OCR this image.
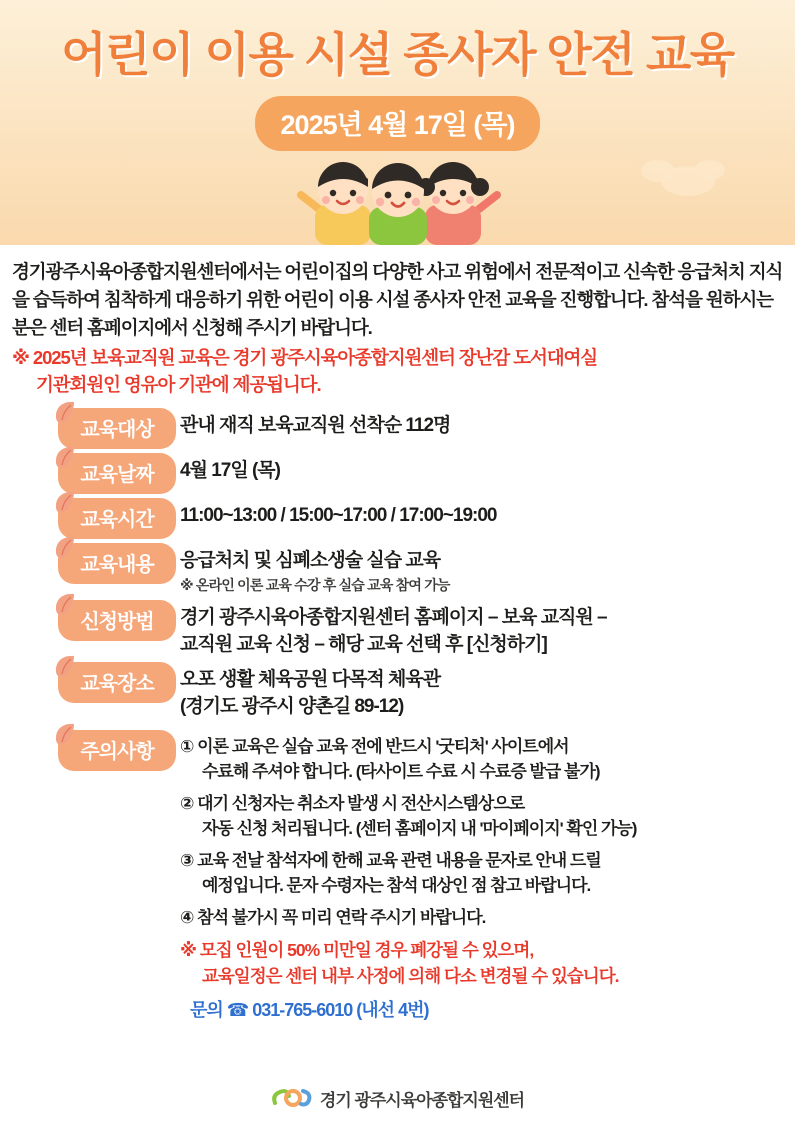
어린이 이용 시설 종사자 안전 교육
2025년 4월 17일 (목)
경기광주시육아종합지원센터에서는 어린이집의 다양한 사고 위험에서 전문적이고 신속한 응급처치 지식을 습득하여 침착하게 대응하기 위한 어린이 이용 시설 종사자 안전 교육을 진행합니다. 참석을 원하시는 분은 센터 홈페이지에서 신청해 주시기 바랍니다.
※ 2025년 보육교직원 교육은 경기 광주시육아종합지원센터 장난감 도서대여실
기관회원인 영유아 기관에 제공됩니다.
교육대상	관내 재직 보육교직원 선착순 112명
교육날짜	4월 17일 (목)
교육시간	11:00~13:00 / 15:00~17:00 / 17:00~19:00
교육내용	응급처치 및 심폐소생술 실습 교육
※ 온라인 이론 교육 수강 후 실습 교육 참여 가능
신청방법	경기 광주시육아종합지원센터 홈페이지 – 보육 교직원 –
교직원 교육 신청 – 해당 교육 선택 후 [신청하기]
교육장소	오포 생활 체육공원 다목적 체육관
(경기도 광주시 양촌길 89-12)
주의사항	① 이론 교육은 실습 교육 전에 반드시 '굿티처' 사이트에서
수료해 주셔야 합니다. (타사이트 수료 시 수료증 발급 불가)
② 대기 신청자는 취소자 발생 시 전산시스템상으로
자동 신청 처리됩니다. (센터 홈페이지 내 '마이페이지' 확인 가능)
③ 교육 전날 참석자에 한해 교육 관련 내용을 문자로 안내 드릴
예정입니다. 문자 수령자는 참석 대상인 점 참고 바랍니다.
④ 참석 불가시 꼭 미리 연락 주시기 바랍니다.
※ 모집 인원이 50% 미만일 경우 폐강될 수 있으며,
교육일정은 센터 내부 사정에 의해 다소 변경될 수 있습니다.
문의 ☎ 031-765-6010 (내선 4번)
경기 광주시육아종합지원센터
